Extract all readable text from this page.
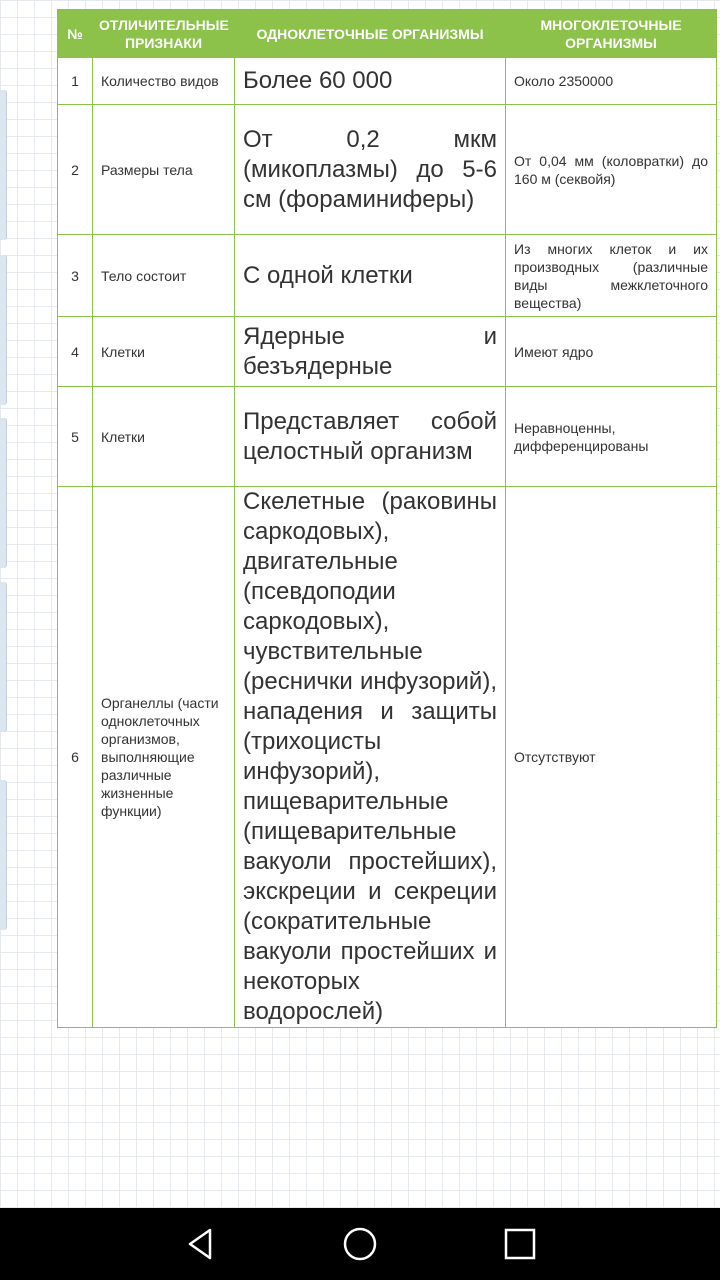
№	ОТЛИЧИТЕЛЬНЫЕ ПРИЗНАКИ	ОДНОКЛЕТОЧНЫЕ ОРГАНИЗМЫ	МНОГОКЛЕТОЧНЫЕ ОРГАНИЗМЫ
1	Количество видов	Более 60 000	Около 2350000
2	Размеры тела	От 0,2 мкм (микоплазмы) до 5-6 см (фораминиферы)	От 0,04 мм (коловратки) до 160 м (секвойя)
3	Тело состоит	С одной клетки	Из многих клеток и их производных (различные виды межклеточного вещества)
4	Клетки	Ядерные и безъядерные	Имеют ядро
5	Клетки	Представляет собой целостный организм	Неравноценны, дифференцированы
6	Органеллы (части одноклеточных организмов, выполняющие различные жизненные функции)	Скелетные (раковины саркодовых), двигательные (псевдоподии саркодовых), чувствительные (реснички инфузорий), нападения и защиты (трихоцисты инфузорий), пищеварительные (пищеварительные вакуоли простейших), экскреции и секреции (сократительные вакуоли простейших и некоторых водорослей)	Отсутствуют
